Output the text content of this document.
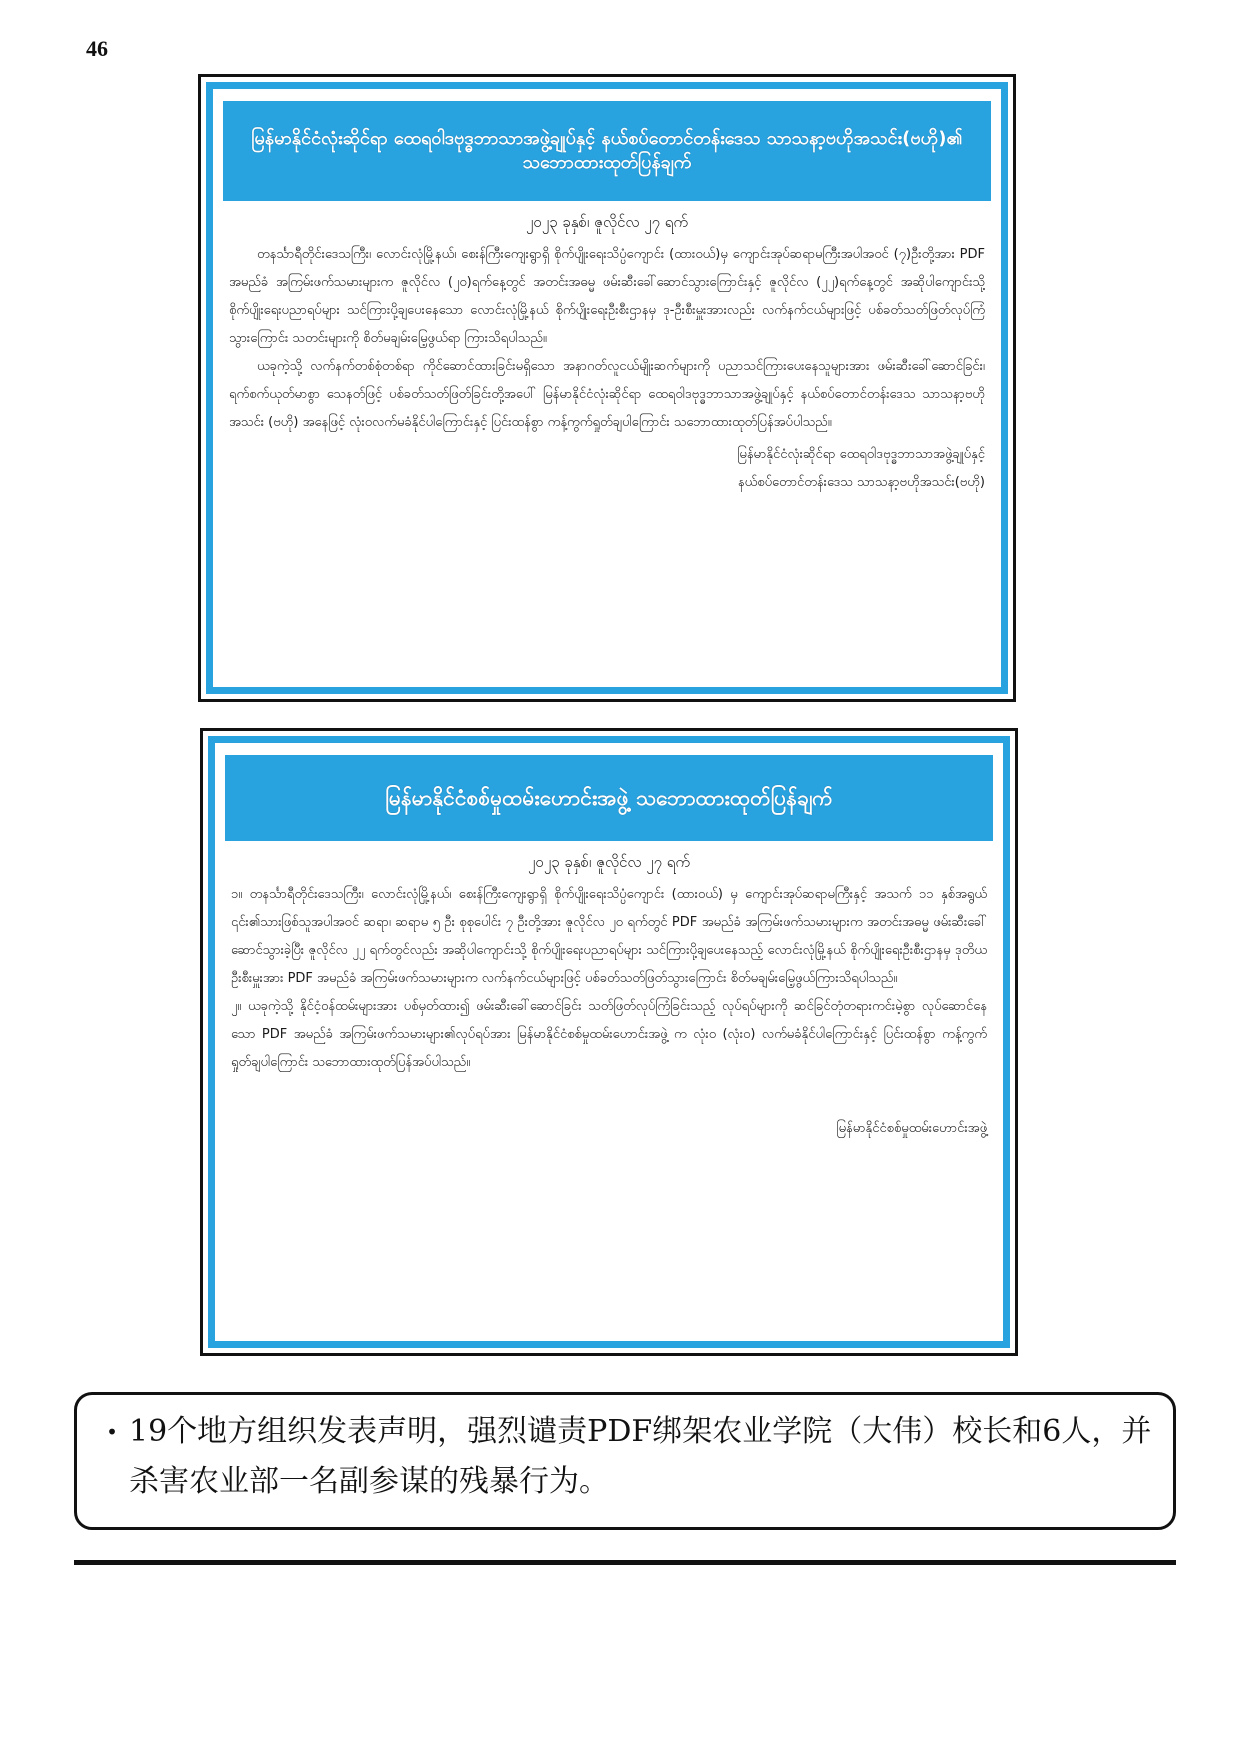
46
မြန်မာနိုင်ငံလုံးဆိုင်ရာ ထေရဝါဒဗုဒ္ဓဘာသာအဖွဲ့ချုပ်နှင့် နယ်စပ်တောင်တန်းဒေသ သာသနာ့ဗဟိုအသင်း(ဗဟို)၏ သဘောထားထုတ်ပြန်ချက်
၂၀၂၃ ခုနှစ်၊ ဇူလိုင်လ ၂၇ ရက်

တနင်္သာရီတိုင်းဒေသကြီး၊ လောင်းလုံမြို့နယ်၊ စေးန်ကြီးကျေးရွာရှိ စိုက်ပျိုးရေးသိပ္ပံကျောင်း (ထားဝယ်)မှ ကျောင်းအုပ်ဆရာမကြီးအပါအဝင် (၇)ဦးတို့အား PDF အမည်ခံ အကြမ်းဖက်သမားများက ဇူလိုင်လ (၂၀)ရက်နေ့တွင် အတင်းအဓမ္မ ဖမ်းဆီးခေါ်ဆောင်သွားကြောင်းနှင့် ဇူလိုင်လ (၂၂)ရက်နေ့တွင် အဆိုပါကျောင်းသို့ စိုက်ပျိုးရေးပညာရပ်များ သင်ကြားပို့ချပေးနေသော လောင်းလုံမြို့နယ် စိုက်ပျိုးရေးဦးစီးဌာနမှ ဒု-ဦးစီးမှူးအားလည်း လက်နက်ငယ်များဖြင့် ပစ်ခတ်သတ်ဖြတ်လုပ်ကြံသွားကြောင်း သတင်းများကို စိတ်မချမ်းမြေ့ဖွယ်ရာ ကြားသိရပါသည်။

ယခုကဲ့သို့ လက်နက်တစ်စုံတစ်ရာ ကိုင်ဆောင်ထားခြင်းမရှိသော အနာဂတ်လူငယ်မျိုးဆက်များကို ပညာသင်ကြားပေးနေသူများအား ဖမ်းဆီးခေါ်ဆောင်ခြင်း၊ ရက်စက်ယုတ်မာစွာ သေနတ်ဖြင့် ပစ်ခတ်သတ်ဖြတ်ခြင်းတို့အပေါ် မြန်မာနိုင်ငံလုံးဆိုင်ရာ ထေရဝါဒဗုဒ္ဓဘာသာအဖွဲ့ချုပ်နှင့် နယ်စပ်တောင်တန်းဒေသ သာသနာ့ဗဟိုအသင်း (ဗဟို) အနေဖြင့် လုံးဝလက်မခံနိုင်ပါကြောင်းနှင့် ပြင်းထန်စွာ ကန့်ကွက်ရှုတ်ချပါကြောင်း သဘောထားထုတ်ပြန်အပ်ပါသည်။

မြန်မာနိုင်ငံလုံးဆိုင်ရာ ထေရဝါဒဗုဒ္ဓဘာသာအဖွဲ့ချုပ်နှင့်
နယ်စပ်တောင်တန်းဒေသ သာသနာ့ဗဟိုအသင်း(ဗဟို)
မြန်မာနိုင်ငံစစ်မှုထမ်းဟောင်းအဖွဲ့ သဘောထားထုတ်ပြန်ချက်
၂၀၂၃ ခုနှစ်၊ ဇူလိုင်လ ၂၇ ရက်

၁။ တနင်္သာရီတိုင်းဒေသကြီး၊ လောင်းလုံမြို့နယ်၊ စေးန်ကြီးကျေးရွာရှိ စိုက်ပျိုးရေးသိပ္ပံကျောင်း (ထားဝယ်) မှ ကျောင်းအုပ်ဆရာမကြီးနှင့် အသက် ၁၁ နှစ်အရွယ် ၎င်း၏သားဖြစ်သူအပါအဝင် ဆရာ၊ ဆရာမ ၅ ဦး စုစုပေါင်း ၇ ဦးတို့အား ဇူလိုင်လ ၂၀ ရက်တွင် PDF အမည်ခံ အကြမ်းဖက်သမားများက အတင်းအဓမ္မ ဖမ်းဆီးခေါ်ဆောင်သွားခဲ့ပြီး ဇူလိုင်လ ၂၂ ရက်တွင်လည်း အဆိုပါကျောင်းသို့ စိုက်ပျိုးရေးပညာရပ်များ သင်ကြားပို့ချပေးနေသည့် လောင်းလုံမြို့နယ် စိုက်ပျိုးရေးဦးစီးဌာနမှ ဒုတိယဦးစီးမှူးအား PDF အမည်ခံ အကြမ်းဖက်သမားများက လက်နက်ငယ်များဖြင့် ပစ်ခတ်သတ်ဖြတ်သွားကြောင်း စိတ်မချမ်းမြေ့ဖွယ်ကြားသိရပါသည်။

၂။ ယခုကဲ့သို့ နိုင်ငံ့ဝန်ထမ်းများအား ပစ်မှတ်ထား၍ ဖမ်းဆီးခေါ်ဆောင်ခြင်း သတ်ဖြတ်လုပ်ကြံခြင်းသည့် လုပ်ရပ်များကို ဆင်ခြင်တုံတရားကင်းမဲ့စွာ လုပ်ဆောင်နေသော PDF အမည်ခံ အကြမ်းဖက်သမားများ၏လုပ်ရပ်အား မြန်မာနိုင်ငံစစ်မှုထမ်းဟောင်းအဖွဲ့ က လုံးဝ (လုံးဝ) လက်မခံနိုင်ပါကြောင်းနှင့် ပြင်းထန်စွာ ကန့်ကွက်ရှုတ်ချပါကြောင်း သဘောထားထုတ်ပြန်အပ်ပါသည်။

မြန်မာနိုင်ငံစစ်မှုထမ်းဟောင်းအဖွဲ့
• 19个地方组织发表声明，强烈谴责PDF绑架农业学院（大伟）校长和6人，并杀害农业部一名副参谋的残暴行为。
